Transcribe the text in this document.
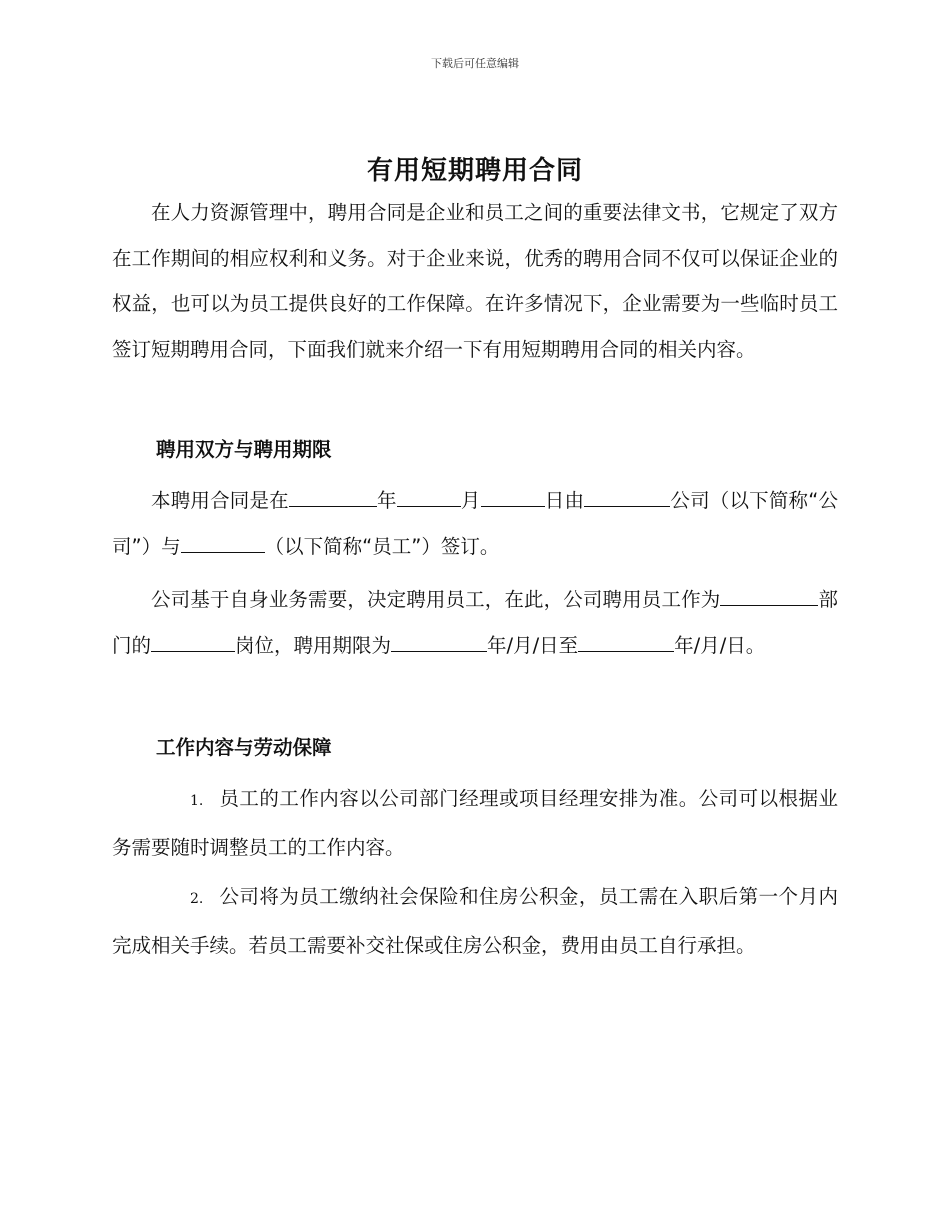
下载后可任意编辑
有用短期聘用合同
在人力资源管理中，聘用合同是企业和员工之间的重要法律文书，它规定了双方在工作期间的相应权利和义务。对于企业来说，优秀的聘用合同不仅可以保证企业的权益，也可以为员工提供良好的工作保障。在许多情况下，企业需要为一些临时员工签订短期聘用合同，下面我们就来介绍一下有用短期聘用合同的相关内容。
聘用双方与聘用期限
本聘用合同是在	年	月	日由	公司（以下简称“公司”）与	（以下简称“员工”）签订。
公司基于自身业务需要，决定聘用员工，在此，公司聘用员工作为	部门的	岗位，聘用期限为	年/月/日至	年/月/日。
工作内容与劳动保障
1. 员工的工作内容以公司部门经理或项目经理安排为准。公司可以根据业务需要随时调整员工的工作内容。
2. 公司将为员工缴纳社会保险和住房公积金，员工需在入职后第一个月内完成相关手续。若员工需要补交社保或住房公积金，费用由员工自行承担。
